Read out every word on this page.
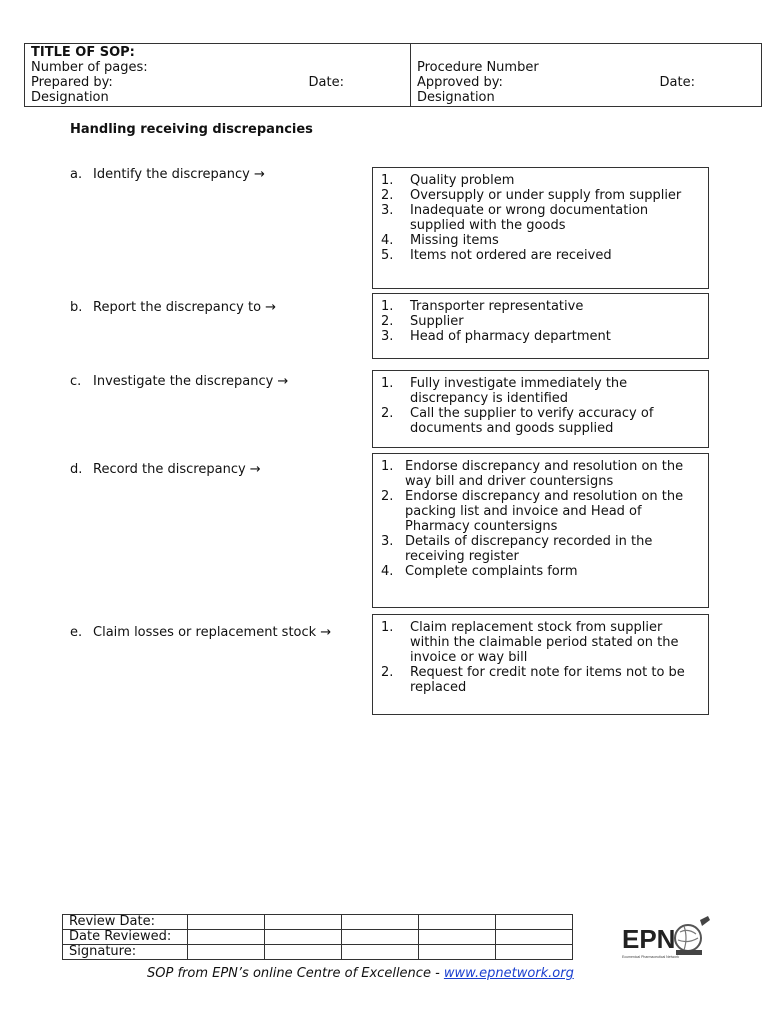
TITLE OF SOP:
Number of pages:
Prepared by:	Date:
Designation

Procedure Number
Approved by:	Date:
Designation
Handling receiving discrepancies
a. Identify the discrepancy →	1.	Quality problem
2.	Oversupply or under supply from supplier
3.	Inadequate or wrong documentation supplied with the goods
4.	Missing items
5.	Items not ordered are received
b. Report the discrepancy to →	1.	Transporter representative
2.	Supplier
3.	Head of pharmacy department
c. Investigate the discrepancy →	1.	Fully investigate immediately the discrepancy is identified
2.	Call the supplier to verify accuracy of documents and goods supplied
d. Record the discrepancy →	1. Endorse discrepancy and resolution on the way bill and driver countersigns
2. Endorse discrepancy and resolution on the packing list and invoice and Head of Pharmacy countersigns
3. Details of discrepancy recorded in the receiving register
4. Complete complaints form
e. Claim losses or replacement stock →	1.	Claim replacement stock from supplier within the claimable period stated on the invoice or way bill
2.	Request for credit note for items not to be replaced
Review Date:					
Date Reviewed:					
Signature:						EPN
Ecumenical Pharmaceutical Network
SOP from EPN’s online Centre of Excellence - www.epnetwork.org
